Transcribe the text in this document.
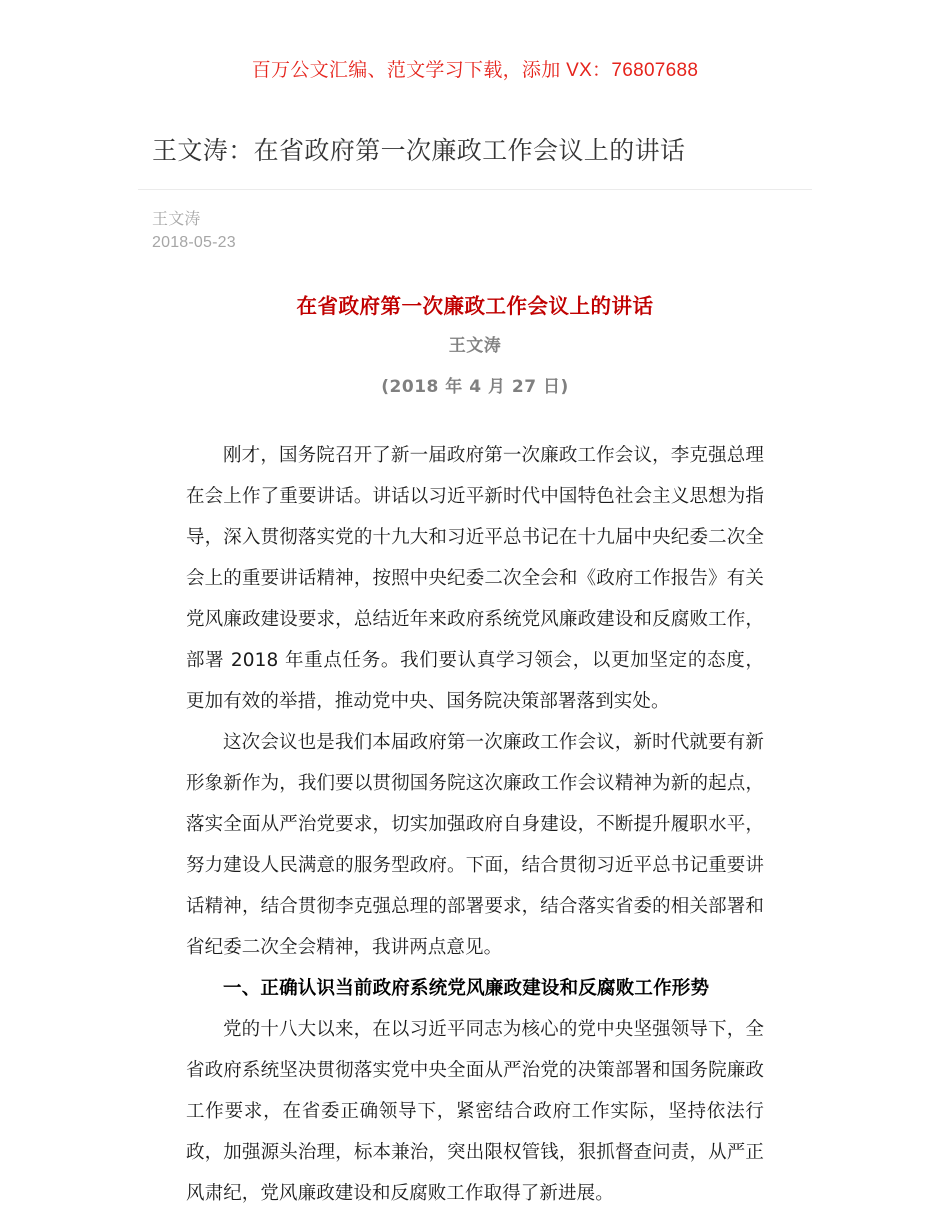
百万公文汇编、范文学习下载，添加 VX：76807688
王文涛：在省政府第一次廉政工作会议上的讲话
王文涛
2018-05-23
在省政府第一次廉政工作会议上的讲话
王文涛
(2018 年 4 月 27 日)

刚才，国务院召开了新一届政府第一次廉政工作会议，李克强总理在会上作了重要讲话。讲话以习近平新时代中国特色社会主义思想为指导，深入贯彻落实党的十九大和习近平总书记在十九届中央纪委二次全会上的重要讲话精神，按照中央纪委二次全会和《政府工作报告》有关党风廉政建设要求，总结近年来政府系统党风廉政建设和反腐败工作，部署 2018 年重点任务。我们要认真学习领会，以更加坚定的态度，更加有效的举措，推动党中央、国务院决策部署落到实处。

这次会议也是我们本届政府第一次廉政工作会议，新时代就要有新形象新作为，我们要以贯彻国务院这次廉政工作会议精神为新的起点，落实全面从严治党要求，切实加强政府自身建设，不断提升履职水平，努力建设人民满意的服务型政府。下面，结合贯彻习近平总书记重要讲话精神，结合贯彻李克强总理的部署要求，结合落实省委的相关部署和省纪委二次全会精神，我讲两点意见。

一、正确认识当前政府系统党风廉政建设和反腐败工作形势

党的十八大以来，在以习近平同志为核心的党中央坚强领导下，全省政府系统坚决贯彻落实党中央全面从严治党的决策部署和国务院廉政工作要求，在省委正确领导下，紧密结合政府工作实际，坚持依法行政，加强源头治理，标本兼治，突出限权管钱，狠抓督查问责，从严正风肃纪，党风廉政建设和反腐败工作取得了新进展。
